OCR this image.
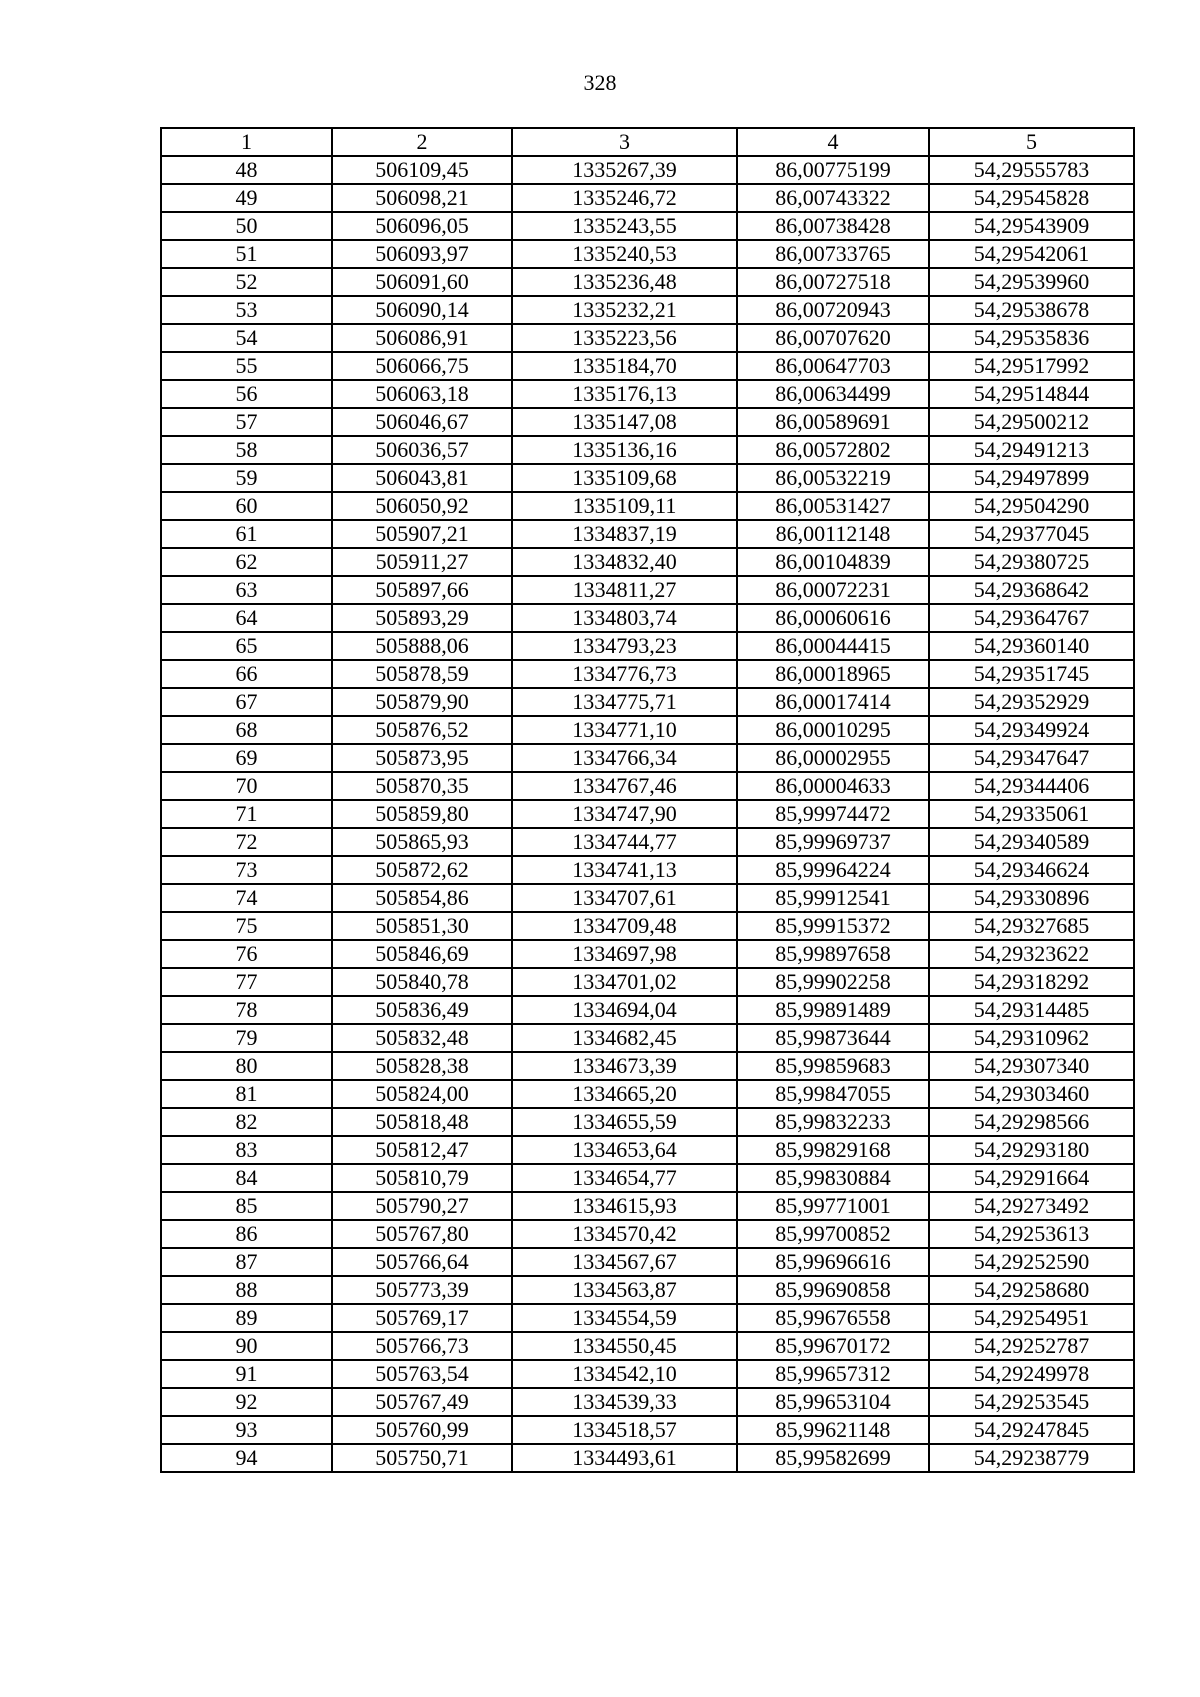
328
1	2	3	4	5
48	506109,45	1335267,39	86,00775199	54,29555783
49	506098,21	1335246,72	86,00743322	54,29545828
50	506096,05	1335243,55	86,00738428	54,29543909
51	506093,97	1335240,53	86,00733765	54,29542061
52	506091,60	1335236,48	86,00727518	54,29539960
53	506090,14	1335232,21	86,00720943	54,29538678
54	506086,91	1335223,56	86,00707620	54,29535836
55	506066,75	1335184,70	86,00647703	54,29517992
56	506063,18	1335176,13	86,00634499	54,29514844
57	506046,67	1335147,08	86,00589691	54,29500212
58	506036,57	1335136,16	86,00572802	54,29491213
59	506043,81	1335109,68	86,00532219	54,29497899
60	506050,92	1335109,11	86,00531427	54,29504290
61	505907,21	1334837,19	86,00112148	54,29377045
62	505911,27	1334832,40	86,00104839	54,29380725
63	505897,66	1334811,27	86,00072231	54,29368642
64	505893,29	1334803,74	86,00060616	54,29364767
65	505888,06	1334793,23	86,00044415	54,29360140
66	505878,59	1334776,73	86,00018965	54,29351745
67	505879,90	1334775,71	86,00017414	54,29352929
68	505876,52	1334771,10	86,00010295	54,29349924
69	505873,95	1334766,34	86,00002955	54,29347647
70	505870,35	1334767,46	86,00004633	54,29344406
71	505859,80	1334747,90	85,99974472	54,29335061
72	505865,93	1334744,77	85,99969737	54,29340589
73	505872,62	1334741,13	85,99964224	54,29346624
74	505854,86	1334707,61	85,99912541	54,29330896
75	505851,30	1334709,48	85,99915372	54,29327685
76	505846,69	1334697,98	85,99897658	54,29323622
77	505840,78	1334701,02	85,99902258	54,29318292
78	505836,49	1334694,04	85,99891489	54,29314485
79	505832,48	1334682,45	85,99873644	54,29310962
80	505828,38	1334673,39	85,99859683	54,29307340
81	505824,00	1334665,20	85,99847055	54,29303460
82	505818,48	1334655,59	85,99832233	54,29298566
83	505812,47	1334653,64	85,99829168	54,29293180
84	505810,79	1334654,77	85,99830884	54,29291664
85	505790,27	1334615,93	85,99771001	54,29273492
86	505767,80	1334570,42	85,99700852	54,29253613
87	505766,64	1334567,67	85,99696616	54,29252590
88	505773,39	1334563,87	85,99690858	54,29258680
89	505769,17	1334554,59	85,99676558	54,29254951
90	505766,73	1334550,45	85,99670172	54,29252787
91	505763,54	1334542,10	85,99657312	54,29249978
92	505767,49	1334539,33	85,99653104	54,29253545
93	505760,99	1334518,57	85,99621148	54,29247845
94	505750,71	1334493,61	85,99582699	54,29238779
